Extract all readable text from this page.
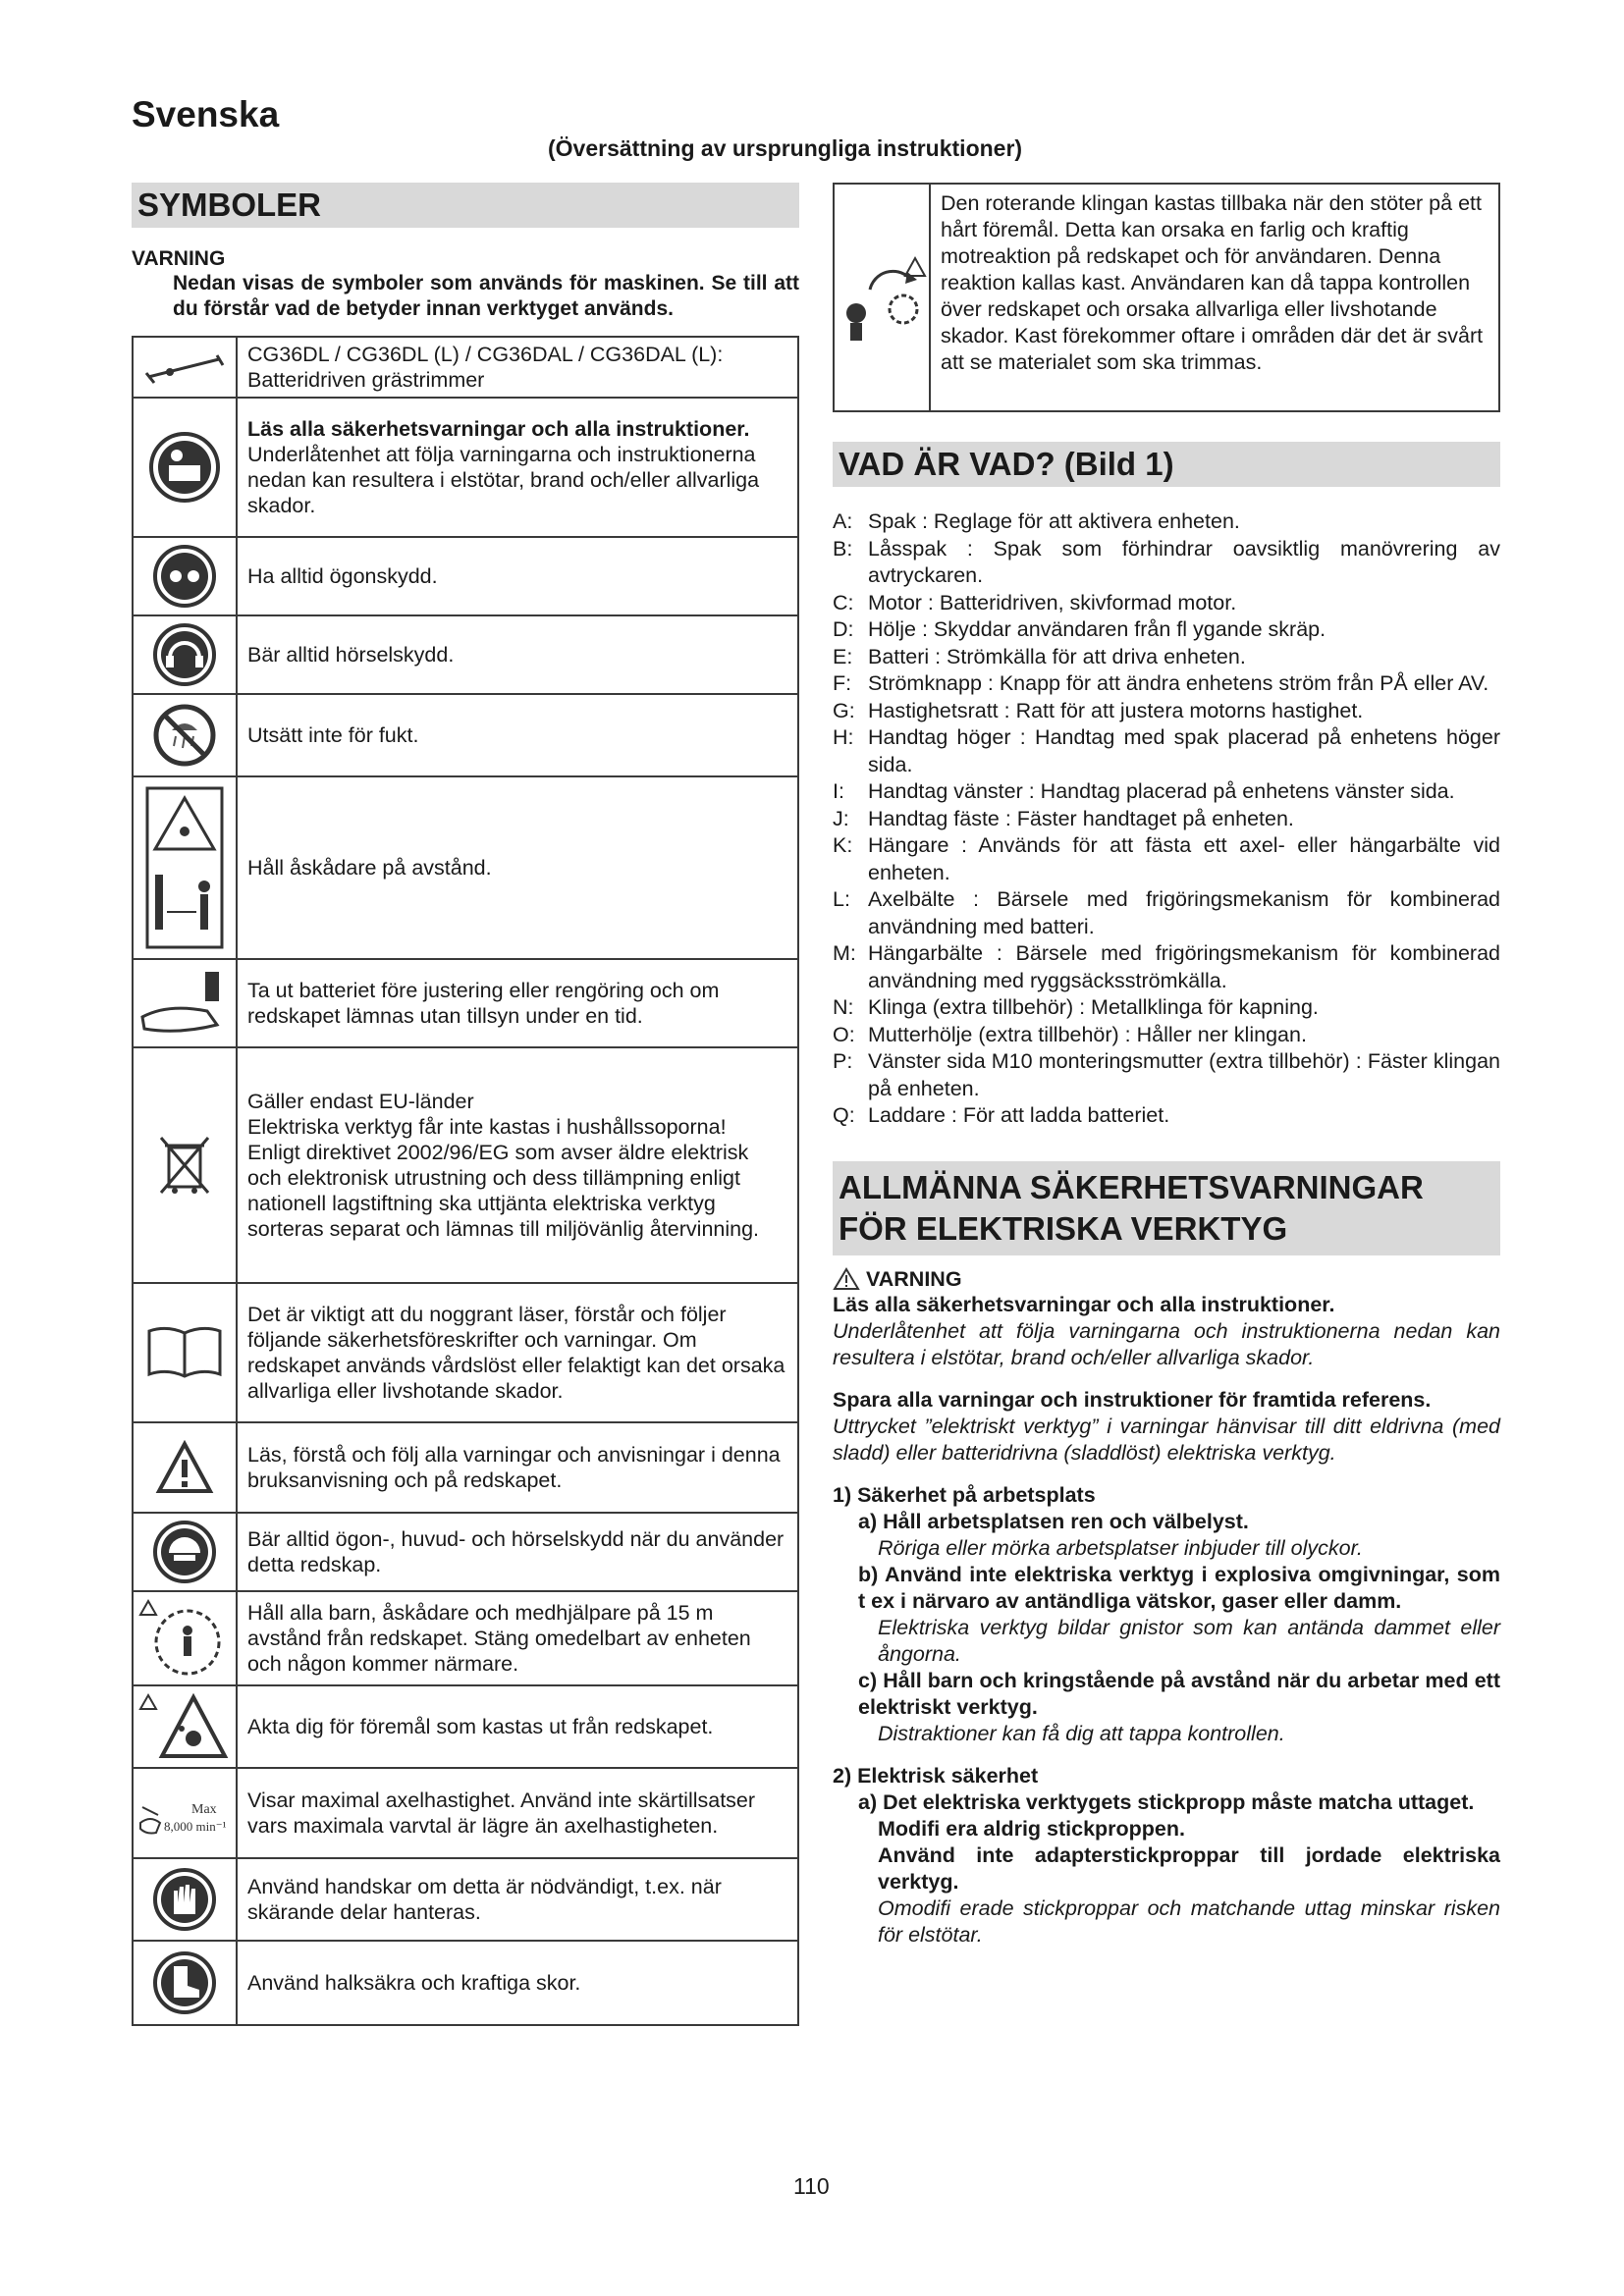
Svenska
(Översättning av ursprungliga instruktioner)
SYMBOLER
VARNING
Nedan visas de symboler som används för maskinen. Se till att du förstår vad de betyder innan verktyget används.
	CG36DL / CG36DL (L) / CG36DAL / CG36DAL (L): Batteridriven grästrimmer

Läs alla säkerhetsvarningar och alla instruktioner.
Underlåtenhet att följa varningarna och instruktionerna nedan kan resultera i elstötar, brand och/eller allvarliga skador.

	Ha alltid ögonskydd.

	Bär alltid hörselskydd.

	Utsätt inte för fukt.

	Håll åskådare på avstånd.

	Ta ut batteriet före justering eller rengöring och om redskapet lämnas utan tillsyn under en tid.

	Gäller endast EU-länder
Elektriska verktyg får inte kastas i hushållssoporna!
Enligt direktivet 2002/96/EG som avser äldre elektrisk och elektronisk utrustning och dess tillämpning enligt nationell lagstiftning ska uttjänta elektriska verktyg sorteras separat och lämnas till miljövänlig återvinning.

	Det är viktigt att du noggrant läser, förstår och följer följande säkerhetsföreskrifter och varningar. Om redskapet används vårdslöst eller felaktigt kan det orsaka allvarliga eller livshotande skador.

	Läs, förstå och följ alla varningar och anvisningar i denna bruksanvisning och på redskapet.

	Bär alltid ögon-, huvud- och hörselskydd när du använder detta redskap.

	Håll alla barn, åskådare och medhjälpare på 15 m avstånd från redskapet. Stäng omedelbart av enheten och någon kommer närmare.

	Akta dig för föremål som kastas ut från redskapet.

Max
8,000 min⁻¹	Visar maximal axelhastighet. Använd inte skärtillsatser vars maximala varvtal är lägre än axelhastigheten.

	Använd handskar om detta är nödvändigt, t.ex. när skärande delar hanteras.

	Använd halksäkra och kraftiga skor.
Den roterande klingan kastas tillbaka när den stöter på ett hårt föremål. Detta kan orsaka en farlig och kraftig motreaktion på redskapet och för användaren. Denna reaktion kallas kast. Användaren kan då tappa kontrollen över redskapet och orsaka allvarliga eller livshotande skador. Kast förekommer oftare i områden där det är svårt att se materialet som ska trimmas.
VAD ÄR VAD? (Bild 1)
A: Spak : Reglage för att aktivera enheten.
B: Låsspak : Spak som förhindrar oavsiktlig manövrering av avtryckaren.
C: Motor : Batteridriven, skivformad motor.
D: Hölje : Skyddar användaren från fl ygande skräp.
E: Batteri : Strömkälla för att driva enheten.
F: Strömknapp : Knapp för att ändra enhetens ström från PÅ eller AV.
G: Hastighetsratt : Ratt för att justera motorns hastighet.
H: Handtag höger : Handtag med spak placerad på enhetens höger sida.
I:	Handtag vänster : Handtag placerad på enhetens vänster sida.
J: Handtag fäste : Fäster handtaget på enheten.
K: Hängare : Används för att fästa ett axel- eller hängarbälte vid enheten.
L: Axelbälte : Bärsele med frigöringsmekanism för kombinerad användning med batteri.
M: Hängarbälte : Bärsele med frigöringsmekanism för kombinerad användning med ryggsäcksströmkälla.
N: Klinga (extra tillbehör) : Metallklinga för kapning.
O: Mutterhölje (extra tillbehör) : Håller ner klingan.
P: Vänster sida M10 monteringsmutter (extra tillbehör) : Fäster klingan på enheten.
Q: Laddare : För att ladda batteriet.
ALLMÄNNA SÄKERHETSVARNINGAR
FÖR ELEKTRISKA VERKTYG
VARNING
Läs alla säkerhetsvarningar och alla instruktioner.
Underlåtenhet att följa varningarna och instruktionerna nedan kan resultera i elstötar, brand och/eller allvarliga skador.
Spara alla varningar och instruktioner för framtida referens.
Uttrycket ”elektriskt verktyg” i varningar hänvisar till ditt eldrivna (med sladd) eller batteridrivna (sladdlöst) elektriska verktyg.
1) Säkerhet på arbetsplats
a) Håll arbetsplatsen ren och välbelyst.
Röriga eller mörka arbetsplatser inbjuder till olyckor.
b) Använd inte elektriska verktyg i explosiva omgivningar, som t ex i närvaro av antändliga vätskor, gaser eller damm.
Elektriska verktyg bildar gnistor som kan antända dammet eller ångorna.
c) Håll barn och kringstående på avstånd när du arbetar med ett elektriskt verktyg.
Distraktioner kan få dig att tappa kontrollen.
2) Elektrisk säkerhet
a) Det elektriska verktygets stickpropp måste matcha uttaget.
Modifi era aldrig stickproppen.
Använd inte adapterstickproppar till jordade elektriska verktyg.
Omodifi erade stickproppar och matchande uttag minskar risken för elstötar.
110
